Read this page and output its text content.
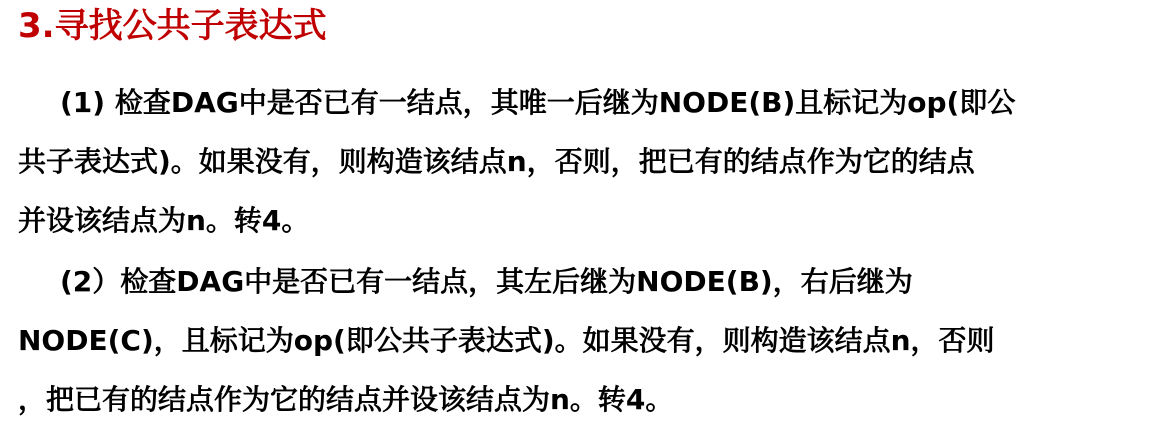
3.寻找公共子表达式
(1) 检查DAG中是否已有一结点，其唯一后继为NODE(B)且标记为op(即公
共子表达式)。如果没有，则构造该结点n，否则，把已有的结点作为它的结点
并设该结点为n。转4。
(2）检查DAG中是否已有一结点，其左后继为NODE(B)，右后继为
NODE(C)，且标记为op(即公共子表达式)。如果没有，则构造该结点n，否则
，把已有的结点作为它的结点并设该结点为n。转4。
